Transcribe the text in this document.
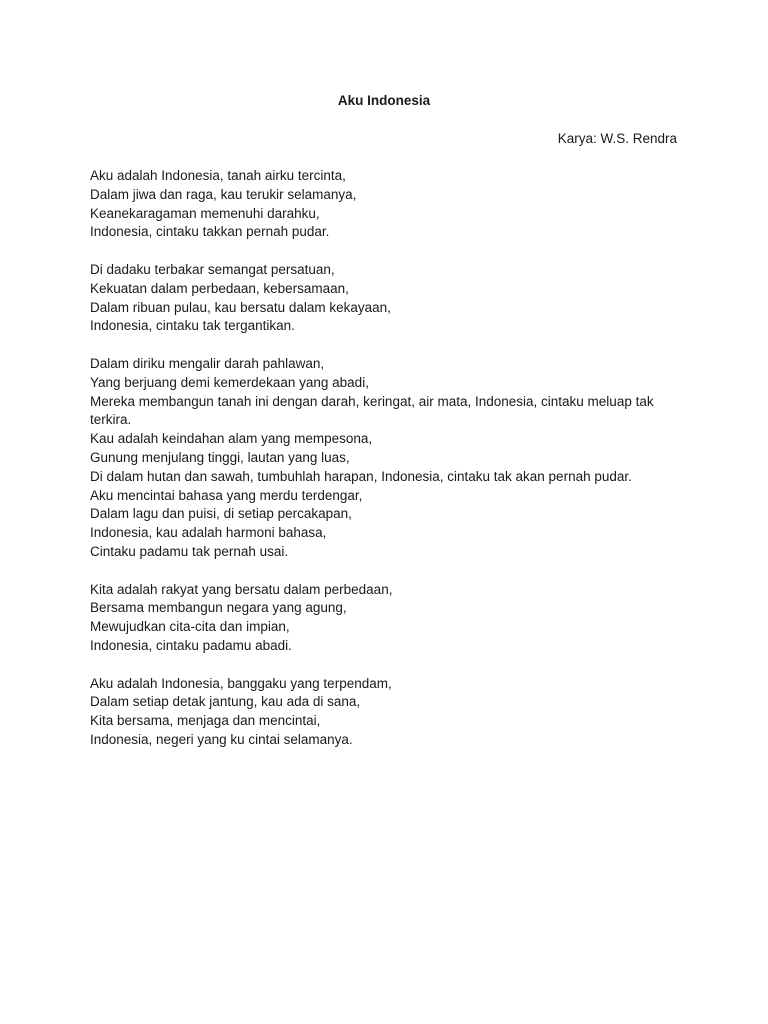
Aku Indonesia

Karya: W.S. Rendra

Aku adalah Indonesia, tanah airku tercinta,

Dalam jiwa dan raga, kau terukir selamanya,

Keanekaragaman memenuhi darahku,

Indonesia, cintaku takkan pernah pudar.

Di dadaku terbakar semangat persatuan,

Kekuatan dalam perbedaan, kebersamaan,

Dalam ribuan pulau, kau bersatu dalam kekayaan,

Indonesia, cintaku tak tergantikan.

Dalam diriku mengalir darah pahlawan,

Yang berjuang demi kemerdekaan yang abadi,

Mereka membangun tanah ini dengan darah, keringat, air mata, Indonesia, cintaku meluap tak terkira.

Kau adalah keindahan alam yang mempesona,

Gunung menjulang tinggi, lautan yang luas,

Di dalam hutan dan sawah, tumbuhlah harapan, Indonesia, cintaku tak akan pernah pudar.

Aku mencintai bahasa yang merdu terdengar,

Dalam lagu dan puisi, di setiap percakapan,

Indonesia, kau adalah harmoni bahasa,

Cintaku padamu tak pernah usai.

Kita adalah rakyat yang bersatu dalam perbedaan,

Bersama membangun negara yang agung,

Mewujudkan cita-cita dan impian,

Indonesia, cintaku padamu abadi.

Aku adalah Indonesia, banggaku yang terpendam,

Dalam setiap detak jantung, kau ada di sana,

Kita bersama, menjaga dan mencintai,

Indonesia, negeri yang ku cintai selamanya.
